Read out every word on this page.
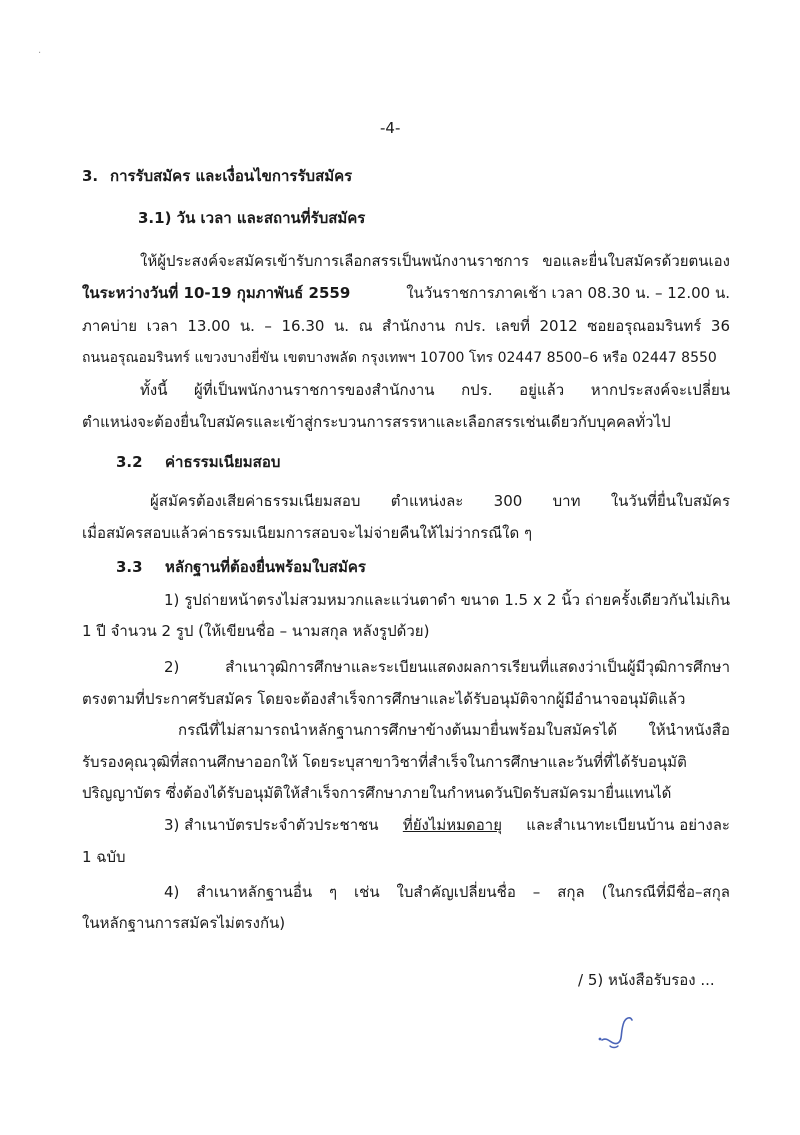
·
-4-
3. การรับสมัคร และเงื่อนไขการรับสมัคร
3.1) วัน เวลา และสถานที่รับสมัคร
ให้ผู้ประสงค์จะสมัครเข้ารับการเลือกสรรเป็นพนักงานราชการ ขอและยื่นใบสมัครด้วยตนเอง
ในระหว่างวันที่ 10-19 กุมภาพันธ์ 2559	ในวันราชการภาคเช้า เวลา 08.30 น. – 12.00 น.
ภาคบ่าย เวลา 13.00 น. – 16.30 น. ณ สำนักงาน กปร. เลขที่ 2012 ซอยอรุณอมรินทร์ 36
ถนนอรุณอมรินทร์ แขวงบางยี่ขัน เขตบางพลัด กรุงเทพฯ 10700 โทร 02447 8500–6 หรือ 02447 8550
ทั้งนี้ ผู้ที่เป็นพนักงานราชการของสำนักงาน กปร. อยู่แล้ว หากประสงค์จะเปลี่ยน
ตำแหน่งจะต้องยื่นใบสมัครและเข้าสู่กระบวนการสรรหาและเลือกสรรเช่นเดียวกับบุคคลทั่วไป
3.2 ค่าธรรมเนียมสอบ
ผู้สมัครต้องเสียค่าธรรมเนียมสอบ ตำแหน่งละ 300 บาท ในวันที่ยื่นใบสมัคร
เมื่อสมัครสอบแล้วค่าธรรมเนียมการสอบจะไม่จ่ายคืนให้ไม่ว่ากรณีใด ๆ
3.3 หลักฐานที่ต้องยื่นพร้อมใบสมัคร
1) รูปถ่ายหน้าตรงไม่สวมหมวกและแว่นตาดำ ขนาด 1.5 x 2 นิ้ว ถ่ายครั้งเดียวกันไม่เกิน
1 ปี จำนวน 2 รูป (ให้เขียนชื่อ – นามสกุล หลังรูปด้วย)
2) สำเนาวุฒิการศึกษาและระเบียนแสดงผลการเรียนที่แสดงว่าเป็นผู้มีวุฒิการศึกษา
ตรงตามที่ประกาศรับสมัคร โดยจะต้องสำเร็จการศึกษาและได้รับอนุมัติจากผู้มีอำนาจอนุมัติแล้ว
กรณีที่ไม่สามารถนำหลักฐานการศึกษาข้างต้นมายื่นพร้อมใบสมัครได้ ให้นำหนังสือ
รับรองคุณวุฒิที่สถานศึกษาออกให้ โดยระบุสาขาวิชาที่สำเร็จในการศึกษาและวันที่ที่ได้รับอนุมัติ
ปริญญาบัตร ซึ่งต้องได้รับอนุมัติให้สำเร็จการศึกษาภายในกำหนดวันปิดรับสมัครมายื่นแทนได้
3) สำเนาบัตรประจำตัวประชาชน ที่ยังไม่หมดอายุ และสำเนาทะเบียนบ้าน อย่างละ
1 ฉบับ
4) สำเนาหลักฐานอื่น ๆ เช่น ใบสำคัญเปลี่ยนชื่อ – สกุล (ในกรณีที่มีชื่อ–สกุล
ในหลักฐานการสมัครไม่ตรงกัน)
/ 5) หนังสือรับรอง ...
